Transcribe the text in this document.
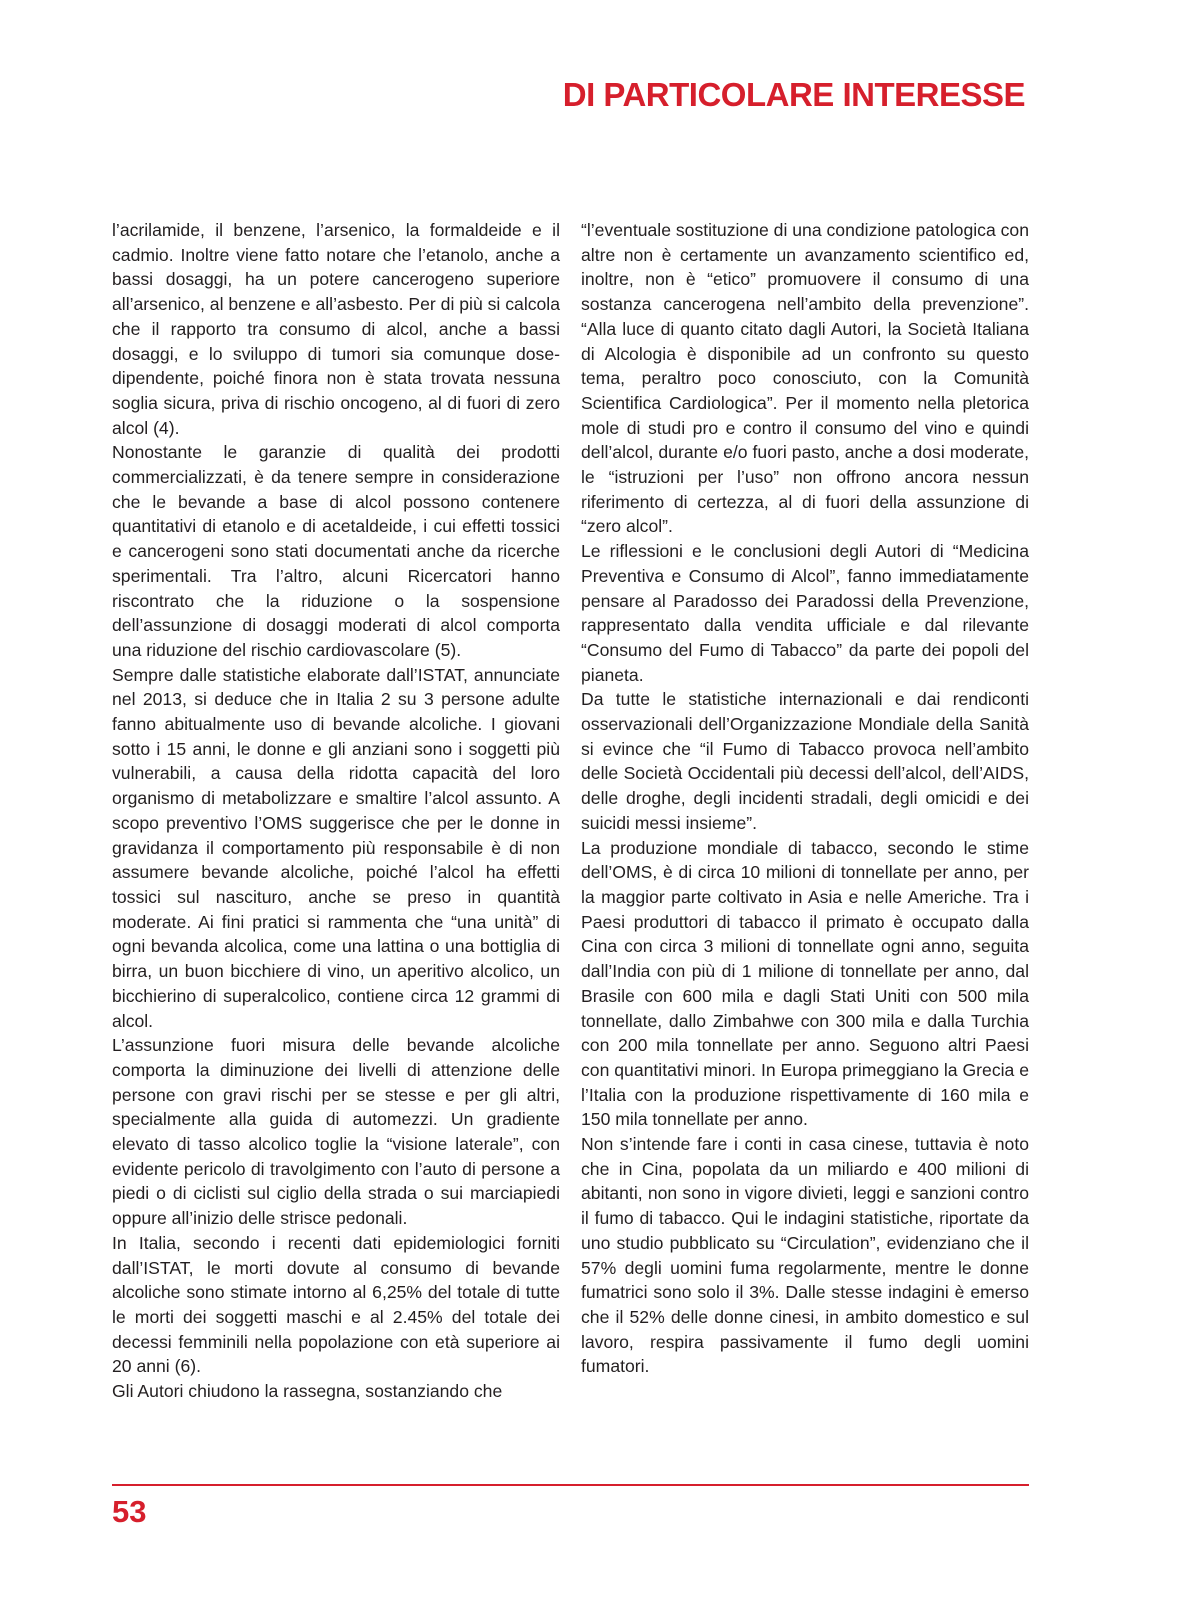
DI PARTICOLARE INTERESSE

l’acrilamide, il benzene, l’arsenico, la formaldeide e il cadmio. Inoltre viene fatto notare che l’etanolo, anche a bassi dosaggi, ha un potere cancerogeno superiore all’arsenico, al benzene e all’asbesto. Per di più si calcola che il rapporto tra consumo di alcol, anche a bassi dosaggi, e lo sviluppo di tumori sia comunque dose-dipendente, poiché finora non è stata trovata nessuna soglia sicura, priva di rischio oncogeno, al di fuori di zero alcol (4).

Nonostante le garanzie di qualità dei prodotti commercializzati, è da tenere sempre in considerazione che le bevande a base di alcol possono contenere quantitativi di etanolo e di acetaldeide, i cui effetti tossici e cancerogeni sono stati documentati anche da ricerche sperimentali. Tra l’altro, alcuni Ricercatori hanno riscontrato che la riduzione o la sospensione dell’assunzione di dosaggi moderati di alcol comporta una riduzione del rischio cardiovascolare (5).

Sempre dalle statistiche elaborate dall’ISTAT, annunciate nel 2013, si deduce che in Italia 2 su 3 persone adulte fanno abitualmente uso di bevande alcoliche. I giovani sotto i 15 anni, le donne e gli anziani sono i soggetti più vulnerabili, a causa della ridotta capacità del loro organismo di metabolizzare e smaltire l’alcol assunto. A scopo preventivo l’OMS suggerisce che per le donne in gravidanza il comportamento più responsabile è di non assumere bevande alcoliche, poiché l’alcol ha effetti tossici sul nascituro, anche se preso in quantità moderate. Ai fini pratici si rammenta che “una unità” di ogni bevanda alcolica, come una lattina o una bottiglia di birra, un buon bicchiere di vino, un aperitivo alcolico, un bicchierino di superalcolico, contiene circa 12 grammi di alcol.

L’assunzione fuori misura delle bevande alcoliche comporta la diminuzione dei livelli di attenzione delle persone con gravi rischi per se stesse e per gli altri, specialmente alla guida di automezzi. Un gradiente elevato di tasso alcolico toglie la “visione laterale”, con evidente pericolo di travolgimento con l’auto di persone a piedi o di ciclisti sul ciglio della strada o sui marciapiedi oppure all’inizio delle strisce pedonali.

In Italia, secondo i recenti dati epidemiologici forniti dall’ISTAT, le morti dovute al consumo di bevande alcoliche sono stimate intorno al 6,25% del totale di tutte le morti dei soggetti maschi e al 2.45% del totale dei decessi femminili nella popolazione con età superiore ai 20 anni (6).

Gli Autori chiudono la rassegna, sostanziando che

“l’eventuale sostituzione di una condizione patologica con altre non è certamente un avanzamento scientifico ed, inoltre, non è “etico” promuovere il consumo di una sostanza cancerogena nell’ambito della prevenzione”. “Alla luce di quanto citato dagli Autori, la Società Italiana di Alcologia è disponibile ad un confronto su questo tema, peraltro poco conosciuto, con la Comunità Scientifica Cardiologica”. Per il momento nella pletorica mole di studi pro e contro il consumo del vino e quindi dell’alcol, durante e/o fuori pasto, anche a dosi moderate, le “istruzioni per l’uso” non offrono ancora nessun riferimento di certezza, al di fuori della assunzione di “zero alcol”.

Le riflessioni e le conclusioni degli Autori di “Medicina Preventiva e Consumo di Alcol”, fanno immediatamente pensare al Paradosso dei Paradossi della Prevenzione, rappresentato dalla vendita ufficiale e dal rilevante “Consumo del Fumo di Tabacco” da parte dei popoli del pianeta.

Da tutte le statistiche internazionali e dai rendiconti osservazionali dell’Organizzazione Mondiale della Sanità si evince che “il Fumo di Tabacco provoca nell’ambito delle Società Occidentali più decessi dell’alcol, dell’AIDS, delle droghe, degli incidenti stradali, degli omicidi e dei suicidi messi insieme”.

La produzione mondiale di tabacco, secondo le stime dell’OMS, è di circa 10 milioni di tonnellate per anno, per la maggior parte coltivato in Asia e nelle Americhe. Tra i Paesi produttori di tabacco il primato è occupato dalla Cina con circa 3 milioni di tonnellate ogni anno, seguita dall’India con più di 1 milione di tonnellate per anno, dal Brasile con 600 mila e dagli Stati Uniti con 500 mila tonnellate, dallo Zimbahwe con 300 mila e dalla Turchia con 200 mila tonnellate per anno. Seguono altri Paesi con quantitativi minori. In Europa primeggiano la Grecia e l’Italia con la produzione rispettivamente di 160 mila e 150 mila tonnellate per anno.

Non s’intende fare i conti in casa cinese, tuttavia è noto che in Cina, popolata da un miliardo e 400 milioni di abitanti, non sono in vigore divieti, leggi e sanzioni contro il fumo di tabacco. Qui le indagini statistiche, riportate da uno studio pubblicato su “Circulation”, evidenziano che il 57% degli uomini fuma regolarmente, mentre le donne fumatrici sono solo il 3%. Dalle stesse indagini è emerso che il 52% delle donne cinesi, in ambito domestico e sul lavoro, respira passivamente il fumo degli uomini fumatori.

53
